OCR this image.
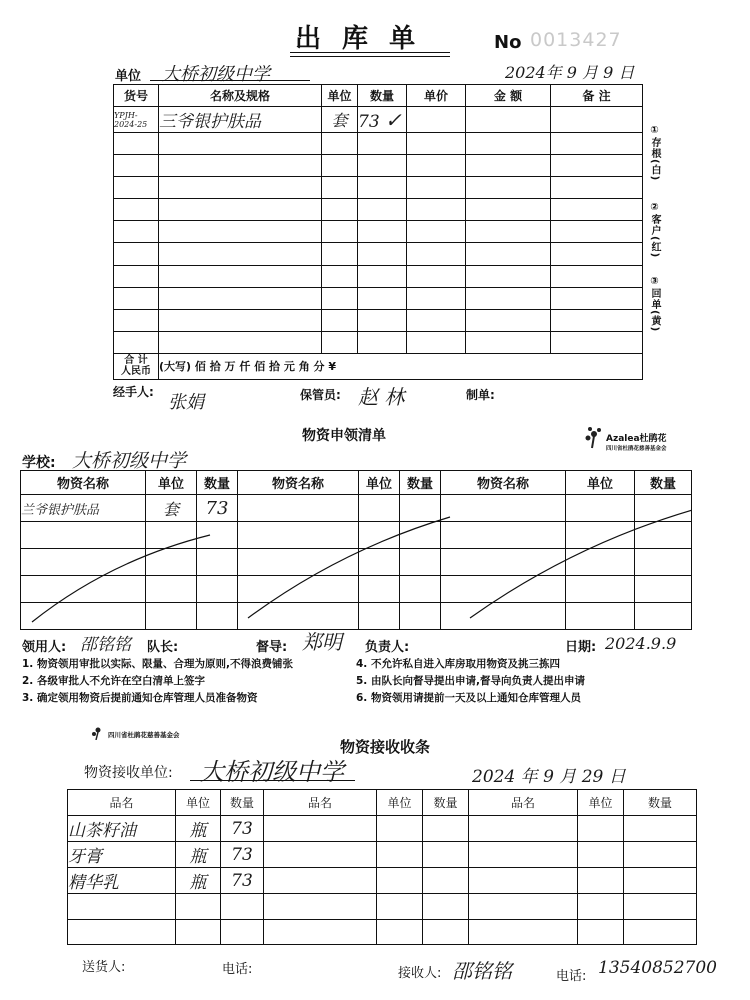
出 库 单	No 0013427
单位 大桥初级中学	2024年 9 月 9 日
货号	名称及规格	单位	数量	单价	金 额	备 注
YPJH-2024-25	三爷银护肤品	套	73 ✓			

合 计
人民币	(大写) 佰 拾 万 仟 佰 拾 元 角 分 ¥					
①存根(白)
②客户(红)
③回单(黄)
经手人: 张娟	保管员: 赵 林	制单:
物资申领清单	Azalea杜鹃花
四川省杜鹃花慈善基金会
学校: 大桥初级中学
物资名称	单位	数量	物资名称	单位	数量	物资名称	单位	数量
兰爷银护肤品	套	73						

领用人: 邵铭铭 队长:	督导: 郑明 负责人:	日期: 2024.9.9
1. 物资领用审批以实际、限量、合理为原则,不得浪费铺张
2. 各级审批人不允许在空白清单上签字
3. 确定领用物资后提前通知仓库管理人员准备物资
4. 不允许私自进入库房取用物资及挑三拣四
5. 由队长向督导提出申请,督导向负责人提出申请
6. 物资领用请提前一天及以上通知仓库管理人员
四川省杜鹃花慈善基金会
物资接收收条
物资接收单位: 大桥初级中学	2024 年 9 月 29 日
品名	单位	数量	品名	单位	数量	品名	单位	数量
山茶籽油	瓶	73						
牙膏	瓶	73						
精华乳	瓶	73						

送货人:	电话:	接收人: 邵铭铭	电话: 13540852700
